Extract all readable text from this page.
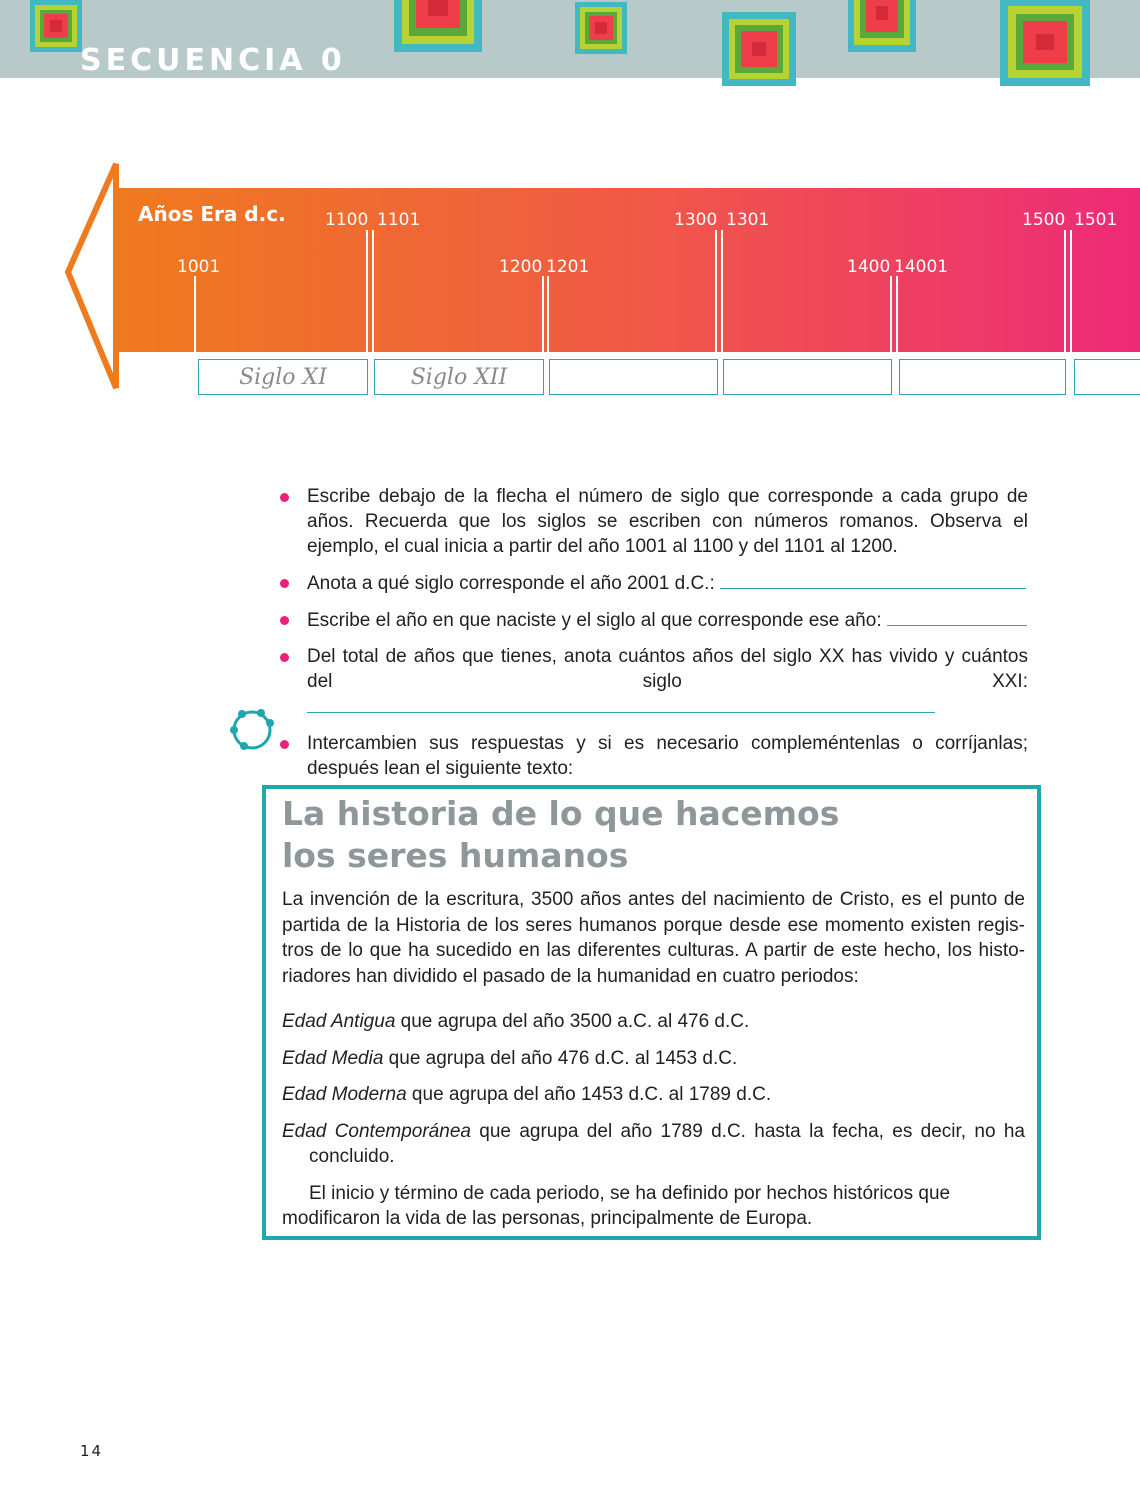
SECUENCIA 0
Años Era d.c.
1001
1100 1101
1200 1201
1300 1301
1400 14001
1500 1501
Siglo XI	Siglo XII
Escribe debajo de la flecha el número de siglo que corresponde a cada grupo de años. Recuerda que los siglos se escriben con números romanos. Observa el ejemplo, el cual inicia a partir del año 1001 al 1100 y del 1101 al 1200.
Anota a qué siglo corresponde el año 2001 d.C.:
Escribe el año en que naciste y el siglo al que corresponde ese año:
Del total de años que tienes, anota cuántos años del siglo XX has vivido y cuántos del siglo XXI:
Intercambien sus respuestas y si es necesario compleméntenlas o corríjanlas; después lean el siguiente texto:
La historia de lo que hacemos
los seres humanos

La invención de la escritura, 3500 años antes del nacimiento de Cristo, es el punto de partida de la Historia de los seres humanos porque desde ese momento existen registros de lo que ha sucedido en las diferentes culturas. A partir de este hecho, los historiadores han dividido el pasado de la humanidad en cuatro periodos:

Edad Antigua que agrupa del año 3500 a.C. al 476 d.C.

Edad Media que agrupa del año 476 d.C. al 1453 d.C.

Edad Moderna que agrupa del año 1453 d.C. al 1789 d.C.

Edad Contemporánea que agrupa del año 1789 d.C. hasta la fecha, es decir, no ha concluido.

El inicio y término de cada periodo, se ha definido por hechos históricos que modificaron la vida de las personas, principalmente de Europa.

14
